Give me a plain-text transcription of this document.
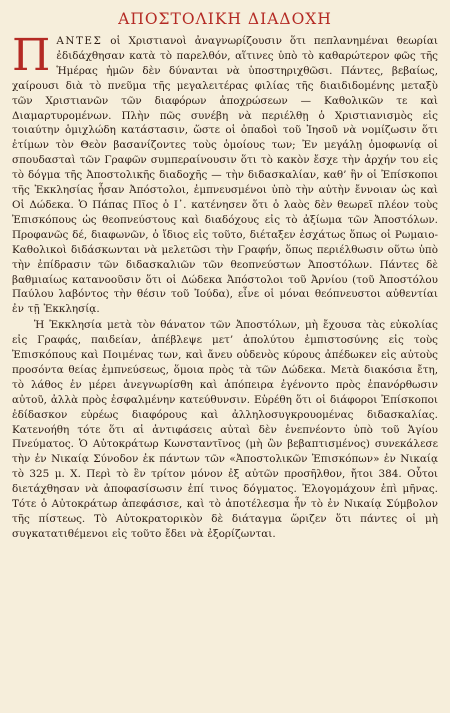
ΑΠΟΣΤΟΛΙΚΗ ΔΙΑΔΟΧΗ

ΠΑΝΤΕΣ οἱ Χριστιανοὶ ἀναγνωρίζουσιν ὅτι πεπλανημέναι θεωρίαι ἐδιδάχθησαν κατὰ τὸ παρελθόν, αἵτινες ὑπὸ τὸ καθαρώτερον φῶς τῆς Ἡμέρας ἡμῶν δὲν δύνανται νὰ ὑποστηριχθῶσι. Πάντες, βεβαίως, χαίρουσι διὰ τὸ πνεῦμα τῆς μεγαλειτέρας φιλίας τῆς διαιδιδομένης μεταξὺ τῶν Χριστιανῶν τῶν διαφόρων ἀποχρώσεων — Καθολικῶν τε καὶ Διαμαρτυρομένων. Πλὴν πῶς συνέβη νὰ περιέλθῃ ὁ Χριστιανισμὸς εἰς τοιαύτην ὁμιχλώδη κατάστασιν, ὥστε οἱ ὀπαδοὶ τοῦ Ἰησοῦ νὰ νομίζωσιν ὅτι ἐτίμων τὸν Θεὸν βασανίζοντες τοὺς ὁμοίους των; Ἐν μεγάλῃ ὁμοφωνίᾳ οἱ σπουδασταὶ τῶν Γραφῶν συμπεραίνουσιν ὅτι τὸ κακὸν ἔσχε τὴν ἀρχήν του εἰς τὸ δόγμα τῆς Ἀποστολικῆς διαδοχῆς — τὴν διδασκαλίαν, καθ’ ἣν οἱ Ἐπίσκοποι τῆς Ἐκκλησίας ἦσαν Ἀπόστολοι, ἐμπνευσμένοι ὑπὸ τὴν αὐτὴν ἔννοιαν ὡς καὶ Οἱ Δώδεκα. Ὁ Πάπας Πῖος ὁ Ι᾽. κατένησεν ὅτι ὁ λαὸς δὲν θεωρεῖ πλέον τοὺς Ἐπισκόπους ὡς θεοπνεύστους καὶ διαδόχους εἰς τὸ ἀξίωμα τῶν Ἀποστόλων. Προφανῶς δέ, διαφωνῶν, ὁ ἴδιος εἰς τοῦτο, διέταξεν ἐσχάτως ὅπως οἱ Ρωμαιο-Καθολικοὶ διδάσκωνται νὰ μελετῶσι τὴν Γραφήν, ὅπως περιέλθωσιν οὕτω ὑπὸ τὴν ἐπίδρασιν τῶν διδασκαλιῶν τῶν θεοπνεύστων Ἀποστόλων. Πάντες δὲ βαθμιαίως κατανοοῦσιν ὅτι οἱ Δώδεκα Ἀπόστολοι τοῦ Ἀρνίου (τοῦ Ἀποστόλου Παύλου λαβόντος τὴν θέσιν τοῦ Ἰούδα), εἶνε οἱ μόναι θεόπνευστοι αὐθεντίαι ἐν τῇ Ἐκκλησίᾳ.

Ἡ Ἐκκλησία μετὰ τὸν θάνατον τῶν Ἀποστόλων, μὴ ἔχουσα τὰς εὐκολίας εἰς Γραφάς, παιδείαν, ἀπέβλεψε μετ’ ἀπολύτου ἐμπιστοσύνης εἰς τοὺς Ἐπισκόπους καὶ Ποιμένας των, καὶ ἄνευ οὐδενὸς κύρους ἀπέδωκεν εἰς αὐτοὺς προσόντα θείας ἐμπνεύσεως, ὅμοια πρὸς τὰ τῶν Δώδεκα. Μετὰ διακόσια ἔτη, τὸ λάθος ἐν μέρει ἀνεγνωρίσθη καὶ ἀπόπειρα ἐγένοντο πρὸς ἐπανόρθωσιν αὐτοῦ, ἀλλὰ πρὸς ἐσφαλμένην κατεύθυνσιν. Εὑρέθη ὅτι οἱ διάφοροι Ἐπίσκοποι ἐδίδασκον εὐρέως διαφόρους καὶ ἀλληλοσυγκρουομένας διδασκαλίας. Κατενοήθη τότε ὅτι αἱ ἀντιφάσεις αὐταὶ δὲν ἐνεπνέοντο ὑπὸ τοῦ Ἁγίου Πνεύματος. Ὁ Αὐτοκράτωρ Κωνσταντῖνος (μὴ ὢν βεβαπτισμένος) συνεκάλεσε τὴν ἐν Νικαίᾳ Σύνοδον ἐκ πάντων τῶν «Ἀποστολικῶν Ἐπισκόπων» ἐν Νικαίᾳ τὸ 325 μ. Χ. Περὶ τὸ ἓν τρίτον μόνον ἐξ αὐτῶν προσῆλθον, ἤτοι 384. Οὗτοι διετάχθησαν νὰ ἀποφασίσωσιν ἐπί τινος δόγματος. Ἐλογομάχουν ἐπὶ μῆνας. Τότε ὁ Αὐτοκράτωρ ἀπεφάσισε, καὶ τὸ ἀποτέλεσμα ἦν τὸ ἐν Νικαίᾳ Σύμβολον τῆς πίστεως. Τὸ Αὐτοκρατορικὸν δὲ διάταγμα ὥριζεν ὅτι πάντες οἱ μὴ συγκατατιθέμενοι εἰς τοῦτο ἔδει νὰ ἐξορίζωνται.
